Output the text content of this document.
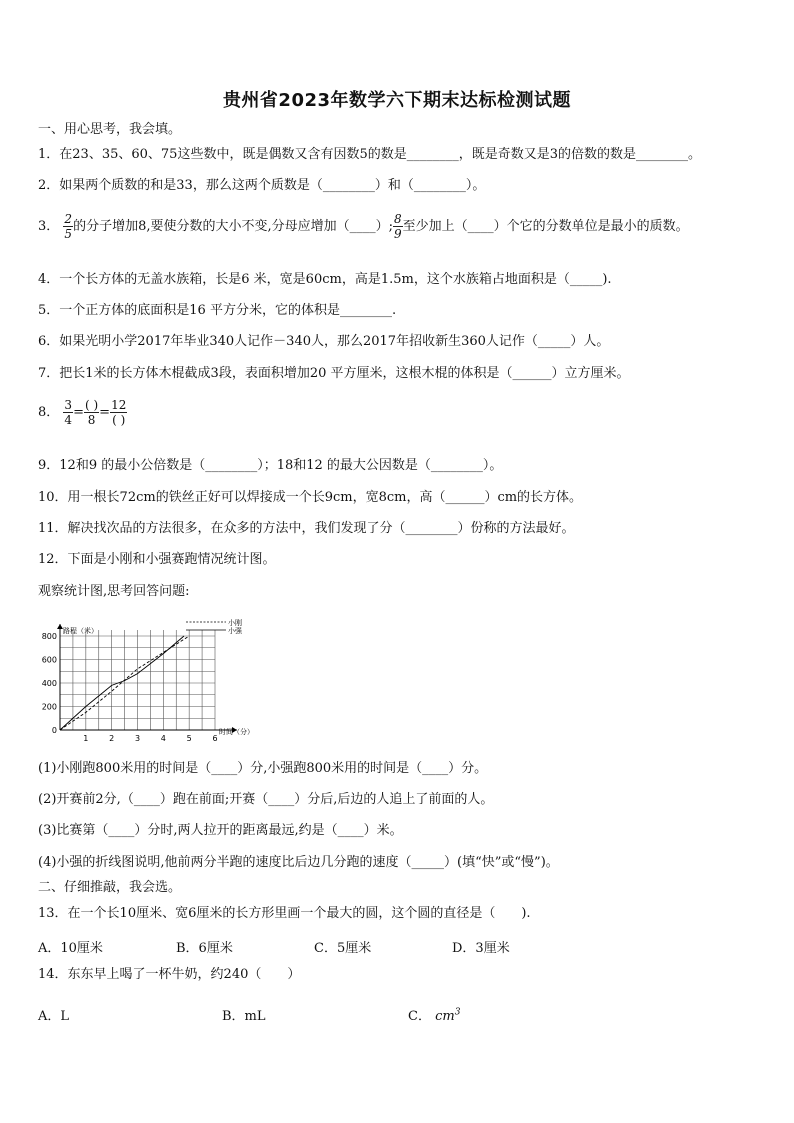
贵州省2023年数学六下期末达标检测试题
一、用心思考，我会填。
1．在23、35、60、75这些数中，既是偶数又含有因数5的数是________，既是奇数又是3的倍数的数是________。
2．如果两个质数的和是33，那么这两个质数是（________）和（________）。
3． $\frac{2}{5}$ 的分子增加8,要使分数的大小不变,分母应增加（____）; $\frac{8}{9}$ 至少加上（____）个它的分数单位是最小的质数。
4．一个长方体的无盖水族箱，长是6 米，宽是60cm，高是1.5m，这个水族箱占地面积是（_____).
5．一个正方体的底面积是16 平方分米，它的体积是________.
6．如果光明小学2017年毕业340人记作－340人，那么2017年招收新生360人记作（_____）人。
7．把长1米的长方体木棍截成3段，表面积增加20 平方厘米，这根木棍的体积是（______）立方厘米。
8． $\frac{3}{4} = \frac{( )}{8} = \frac{12}{( )}$
9．12和9 的最小公倍数是（________）；18和12 的最大公因数是（________）。
10．用一根长72cm的铁丝正好可以焊接成一个长9cm，宽8cm，高（______）cm的长方体。
11．解决找次品的方法很多，在众多的方法中，我们发现了分（________）份称的方法最好。
12．下面是小刚和小强赛跑情况统计图。
观察统计图,思考回答问题:
路程（米）
时间（分）
1	2	3	4	5	6
200
400
600
800
0
小刚
小强
(1)小刚跑800米用的时间是（____）分,小强跑800米用的时间是（____）分。
(2)开赛前2分,（____）跑在前面;开赛（____）分后,后边的人追上了前面的人。
(3)比赛第（____）分时,两人拉开的距离最远,约是（____）米。
(4)小强的折线图说明,他前两分半跑的速度比后边几分跑的速度（_____）(填“快”或“慢”)。
二、仔细推敲，我会选。
13．在一个长10厘米、宽6厘米的长方形里画一个最大的圆，这个圆的直径是（　　).
A．10厘米	B．6厘米	C．5厘米	D．3厘米
14．东东早上喝了一杯牛奶，约240（　　）
A．L	B．mL	C． $cm^3$
